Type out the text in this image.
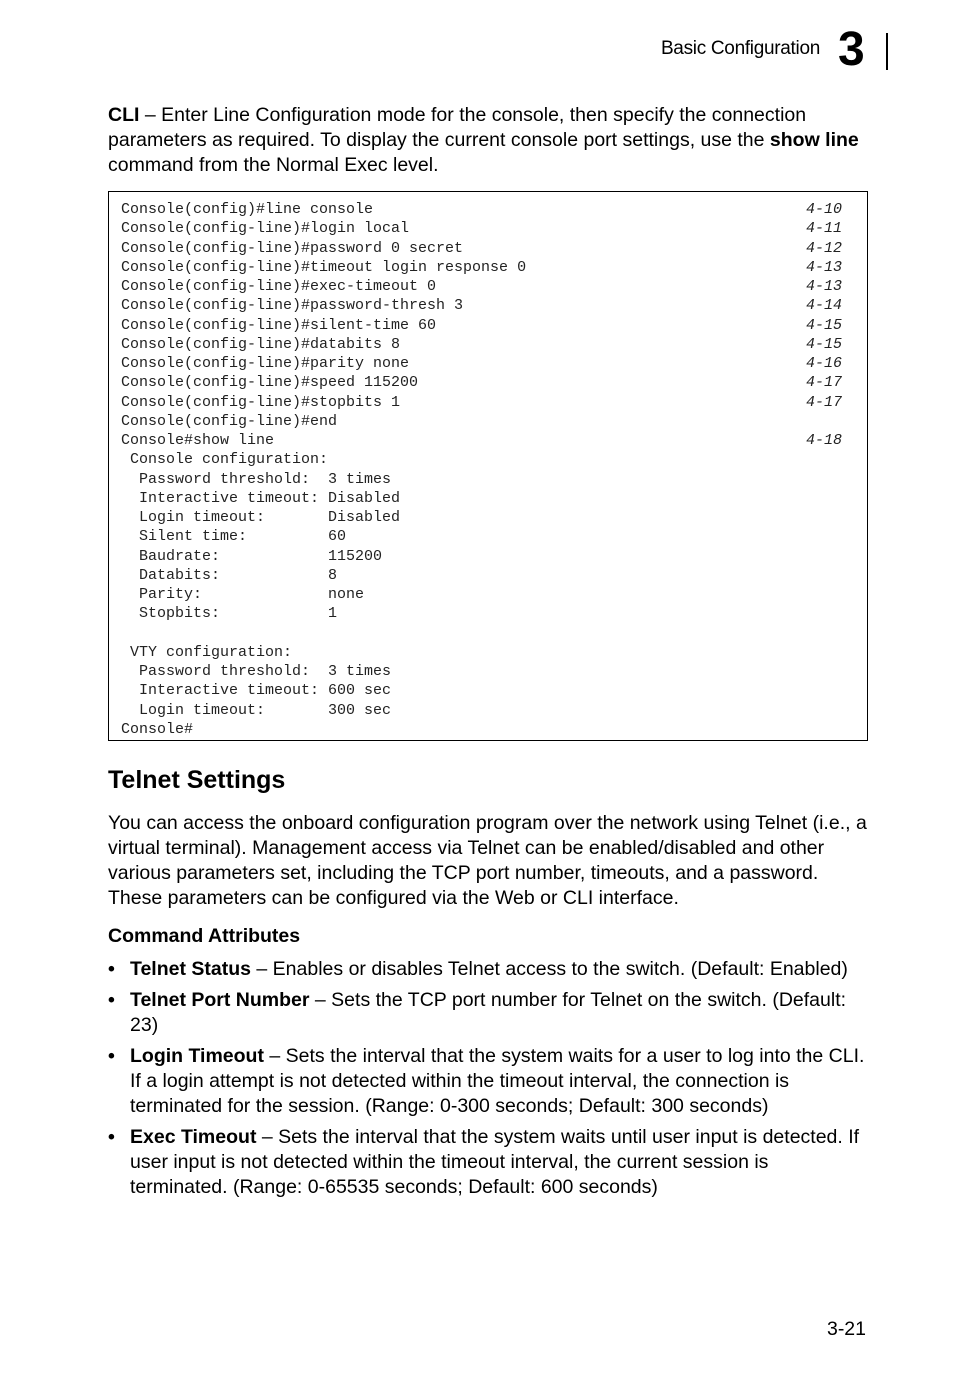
Basic Configuration 3
CLI – Enter Line Configuration mode for the console, then specify the connection parameters as required. To display the current console port settings, use the show line command from the Normal Exec level.
Console(config)#line console	4-10
Console(config-line)#login local	4-11
Console(config-line)#password 0 secret	4-12
Console(config-line)#timeout login response 0	4-13
Console(config-line)#exec-timeout 0	4-13
Console(config-line)#password-thresh 3	4-14
Console(config-line)#silent-time 60	4-15
Console(config-line)#databits 8	4-15
Console(config-line)#parity none	4-16
Console(config-line)#speed 115200	4-17
Console(config-line)#stopbits 1	4-17
Console(config-line)#end
Console#show line	4-18
Console configuration:
Password threshold:  3 times
Interactive timeout: Disabled
Login timeout:       Disabled
Silent time:         60
Baudrate:            115200
Databits:            8
Parity:              none
Stopbits:            1
VTY configuration:
Password threshold:  3 times
Interactive timeout: 600 sec
Login timeout:       300 sec
Console#
Telnet Settings
You can access the onboard configuration program over the network using Telnet (i.e., a virtual terminal). Management access via Telnet can be enabled/disabled and other various parameters set, including the TCP port number, timeouts, and a password. These parameters can be configured via the Web or CLI interface.
Command Attributes
• Telnet Status – Enables or disables Telnet access to the switch. (Default: Enabled)
• Telnet Port Number – Sets the TCP port number for Telnet on the switch. (Default: 23)
• Login Timeout – Sets the interval that the system waits for a user to log into the CLI. If a login attempt is not detected within the timeout interval, the connection is terminated for the session. (Range: 0-300 seconds; Default: 300 seconds)
• Exec Timeout – Sets the interval that the system waits until user input is detected. If user input is not detected within the timeout interval, the current session is terminated. (Range: 0-65535 seconds; Default: 600 seconds)
3-21
